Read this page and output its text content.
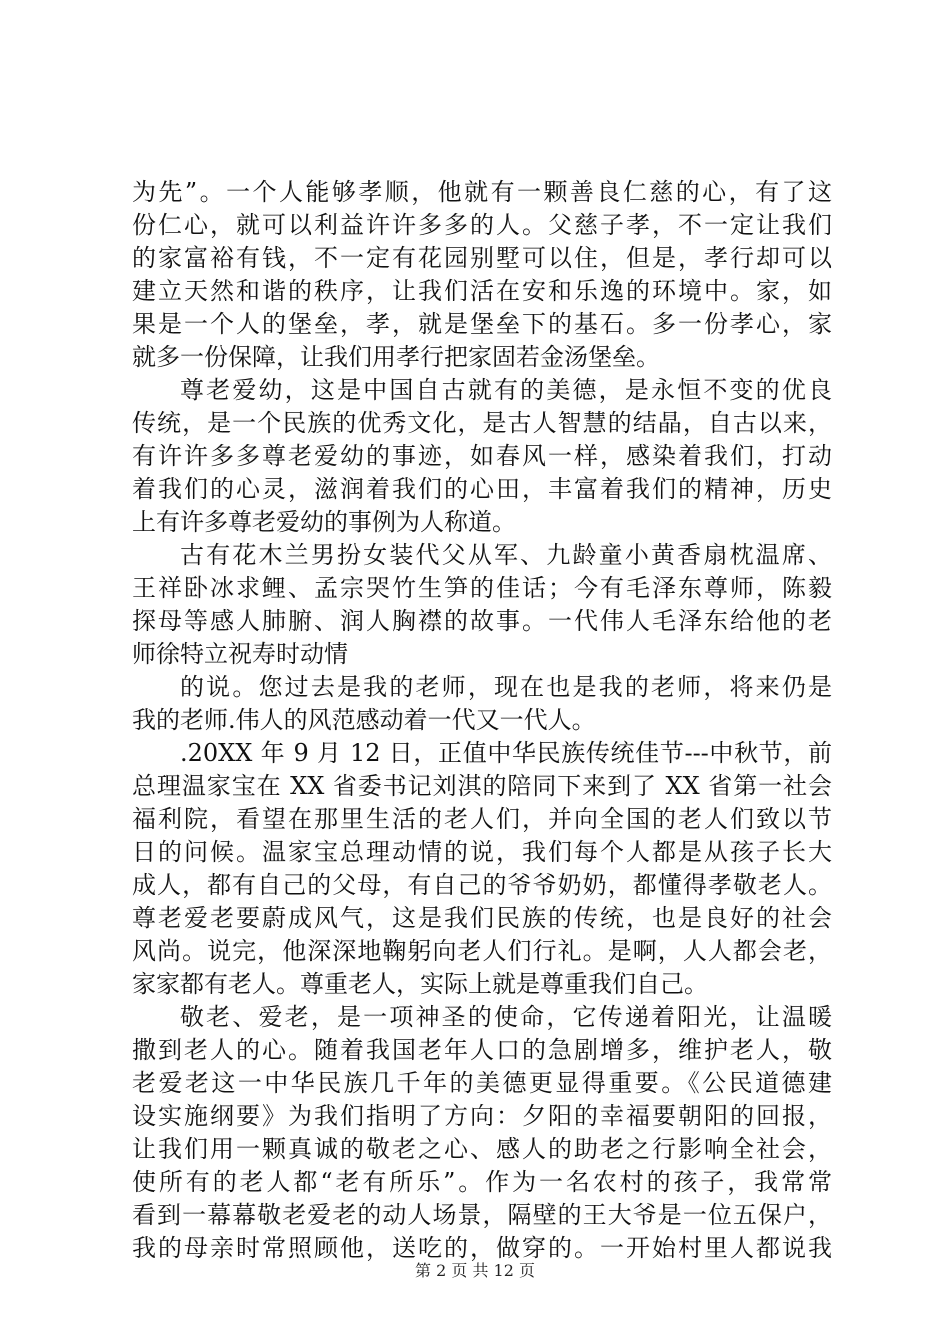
为先”。一个人能够孝顺，他就有一颗善良仁慈的心，有了这
份仁心，就可以利益许许多多的人。父慈子孝，不一定让我们
的家富裕有钱，不一定有花园别墅可以住，但是，孝行却可以
建立天然和谐的秩序，让我们活在安和乐逸的环境中。家，如
果是一个人的堡垒，孝，就是堡垒下的基石。多一份孝心，家
就多一份保障，让我们用孝行把家固若金汤堡垒。
尊老爱幼，这是中国自古就有的美德，是永恒不变的优良
传统，是一个民族的优秀文化，是古人智慧的结晶，自古以来，
有许许多多尊老爱幼的事迹，如春风一样，感染着我们，打动
着我们的心灵，滋润着我们的心田，丰富着我们的精神，历史
上有许多尊老爱幼的事例为人称道。
古有花木兰男扮女装代父从军、九龄童小黄香扇枕温席、
王祥卧冰求鲤、孟宗哭竹生笋的佳话；今有毛泽东尊师，陈毅
探母等感人肺腑、润人胸襟的故事。一代伟人毛泽东给他的老
师徐特立祝寿时动情
的说。您过去是我的老师，现在也是我的老师，将来仍是
我的老师.伟人的风范感动着一代又一代人。
.20XX 年 9 月 12 日，正值中华民族传统佳节---中秋节，前
总理温家宝在 XX 省委书记刘淇的陪同下来到了 XX 省第一社会
福利院，看望在那里生活的老人们，并向全国的老人们致以节
日的问候。温家宝总理动情的说，我们每个人都是从孩子长大
成人，都有自己的父母，有自己的爷爷奶奶，都懂得孝敬老人。
尊老爱老要蔚成风气，这是我们民族的传统，也是良好的社会
风尚。说完，他深深地鞠躬向老人们行礼。是啊，人人都会老，
家家都有老人。尊重老人，实际上就是尊重我们自己。
敬老、爱老，是一项神圣的使命，它传递着阳光，让温暖
撒到老人的心。随着我国老年人口的急剧增多，维护老人，敬
老爱老这一中华民族几千年的美德更显得重要。《公民道德建
设实施纲要》为我们指明了方向：夕阳的幸福要朝阳的回报，
让我们用一颗真诚的敬老之心、感人的助老之行影响全社会，
使所有的老人都“老有所乐”。作为一名农村的孩子，我常常
看到一幕幕敬老爱老的动人场景，隔壁的王大爷是一位五保户，
我的母亲时常照顾他，送吃的，做穿的。一开始村里人都说我
第 2 页 共 12 页
